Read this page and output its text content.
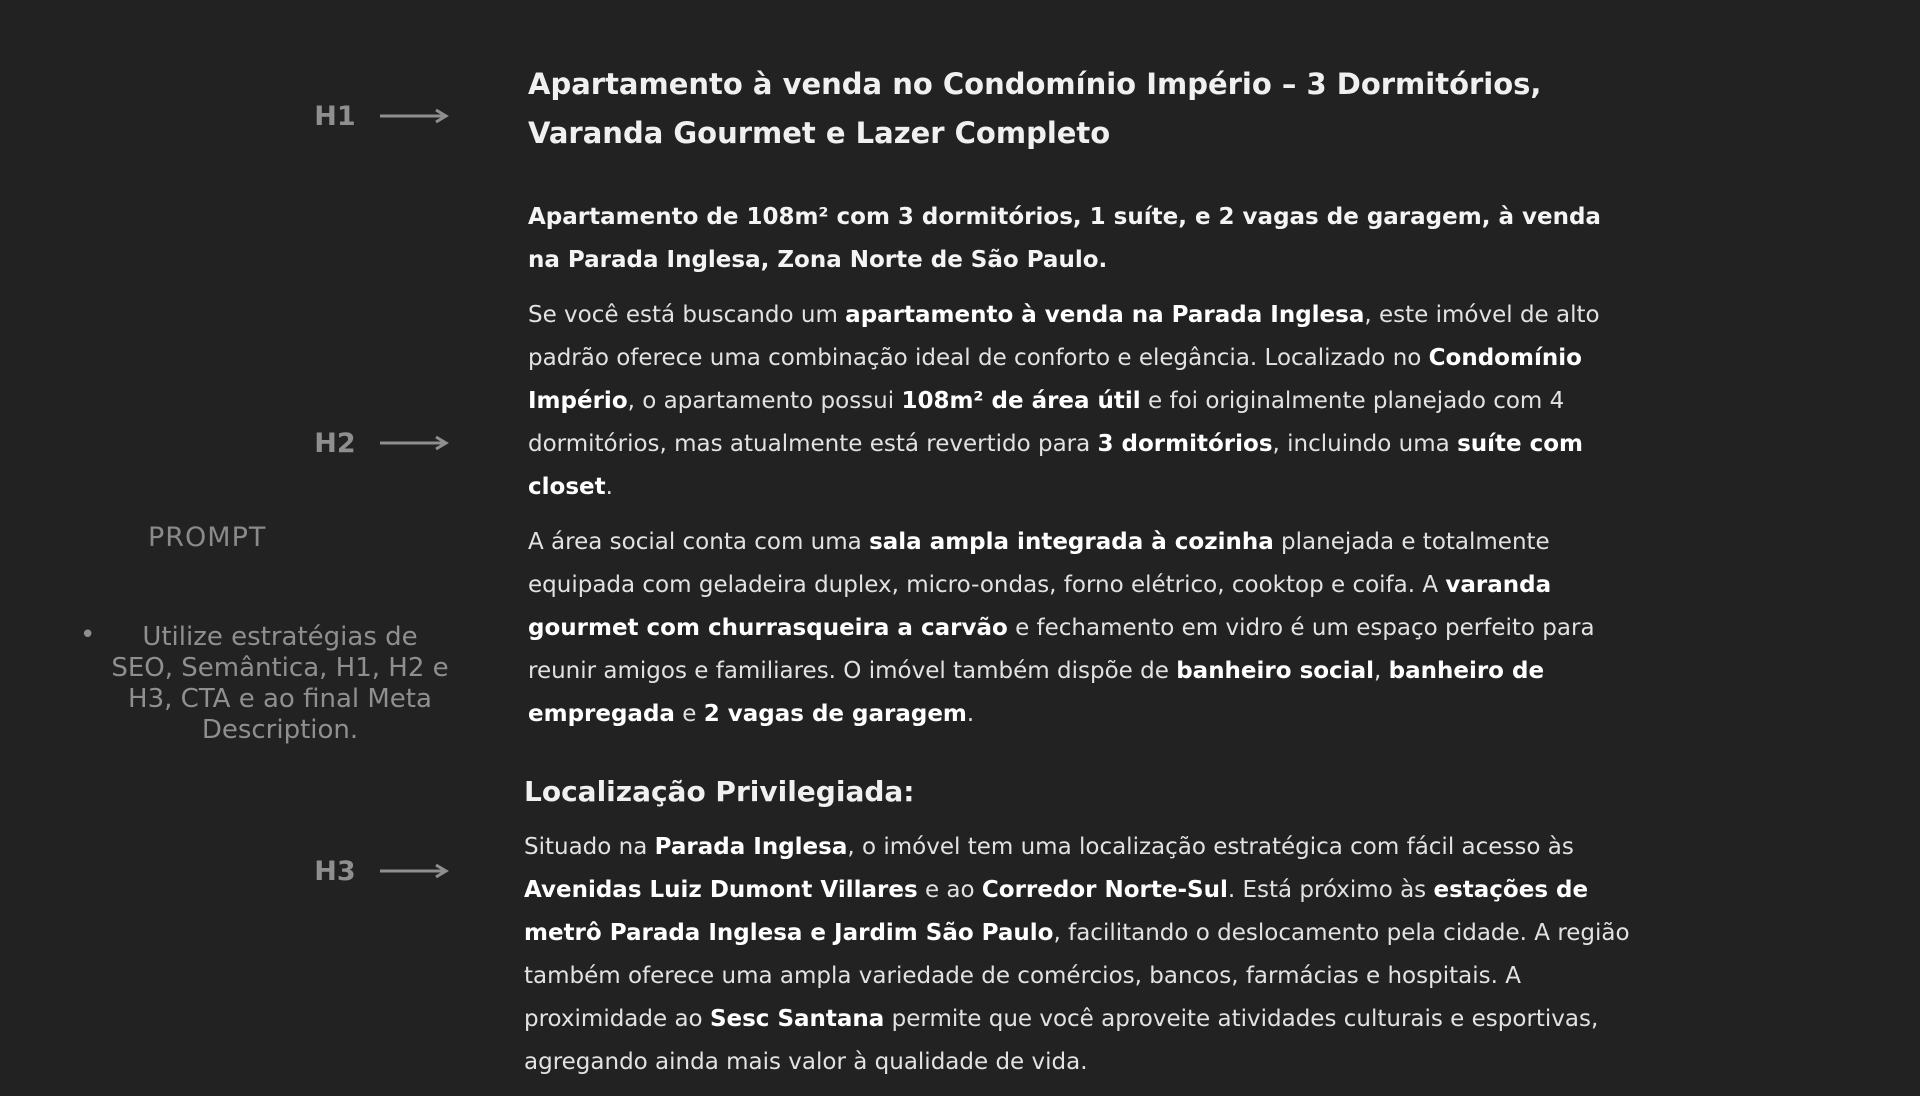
H1
H2
H3
PROMPT
• Utilize estratégias de SEO, Semântica, H1, H2 e H3, CTA e ao final Meta Description.
Apartamento à venda no Condomínio Império – 3 Dormitórios, Varanda Gourmet e Lazer Completo

Apartamento de 108m² com 3 dormitórios, 1 suíte, e 2 vagas de garagem, à venda na Parada Inglesa, Zona Norte de São Paulo.

Se você está buscando um apartamento à venda na Parada Inglesa, este imóvel de alto padrão oferece uma combinação ideal de conforto e elegância. Localizado no Condomínio Império, o apartamento possui 108m² de área útil e foi originalmente planejado com 4 dormitórios, mas atualmente está revertido para 3 dormitórios, incluindo uma suíte com closet.

A área social conta com uma sala ampla integrada à cozinha planejada e totalmente equipada com geladeira duplex, micro-ondas, forno elétrico, cooktop e coifa. A varanda gourmet com churrasqueira a carvão e fechamento em vidro é um espaço perfeito para reunir amigos e familiares. O imóvel também dispõe de banheiro social, banheiro de empregada e 2 vagas de garagem.

Localização Privilegiada:

Situado na Parada Inglesa, o imóvel tem uma localização estratégica com fácil acesso às Avenidas Luiz Dumont Villares e ao Corredor Norte-Sul. Está próximo às estações de metrô Parada Inglesa e Jardim São Paulo, facilitando o deslocamento pela cidade. A região também oferece uma ampla variedade de comércios, bancos, farmácias e hospitais. A proximidade ao Sesc Santana permite que você aproveite atividades culturais e esportivas, agregando ainda mais valor à qualidade de vida.
